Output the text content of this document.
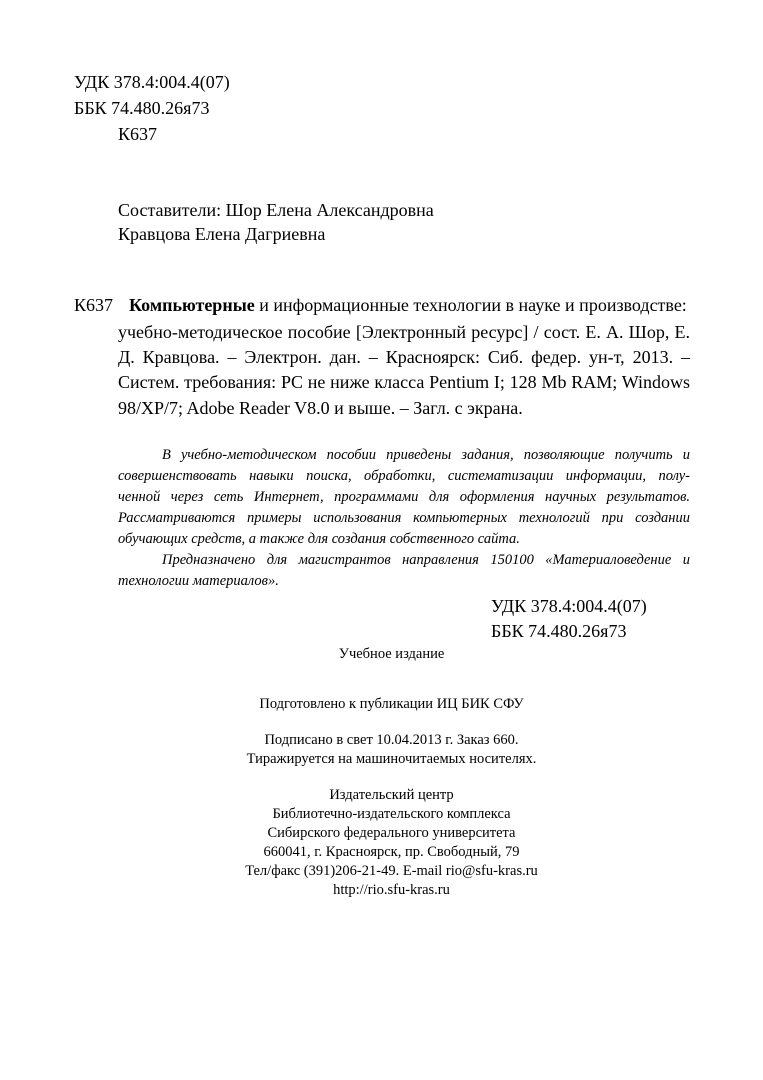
УДК 378.4:004.4(07)
ББК 74.480.26я73
К637
Составители: Шор Елена Александровна
Кравцова Елена Дагриевна
К637 Компьютерные и информационные технологии в науке и производстве:
учебно-методическое пособие [Электронный ресурс] / сост. Е. А. Шор, Е.
Д. Кравцова. – Электрон. дан. – Красноярск: Сиб. федер. ун-т, 2013. –
Систем. требования: PC не ниже класса Pentium I; 128 Mb RAM; Windows
98/XP/7; Adobe Reader V8.0 и выше. – Загл. с экрана.
В учебно-методическом пособии приведены задания, позволяющие получить и
совершенствовать навыки поиска, обработки, систематизации информации, полу-
ченной через сеть Интернет, программами для оформления научных результатов.
Рассматриваются примеры использования компьютерных технологий при создании
обучающих средств, а также для создания собственного сайта.
Предназначено для магистрантов направления 150100 «Материаловедение и
технологии материалов».
УДК 378.4:004.4(07)
ББК 74.480.26я73
Учебное издание
Подготовлено к публикации ИЦ БИК СФУ
Подписано в свет 10.04.2013 г. Заказ 660.
Тиражируется на машиночитаемых носителях.
Издательский центр
Библиотечно-издательского комплекса
Сибирского федерального университета
660041, г. Красноярск, пр. Свободный, 79
Тел/факс (391)206-21-49. E-mail rio@sfu-kras.ru
http://rio.sfu-kras.ru
